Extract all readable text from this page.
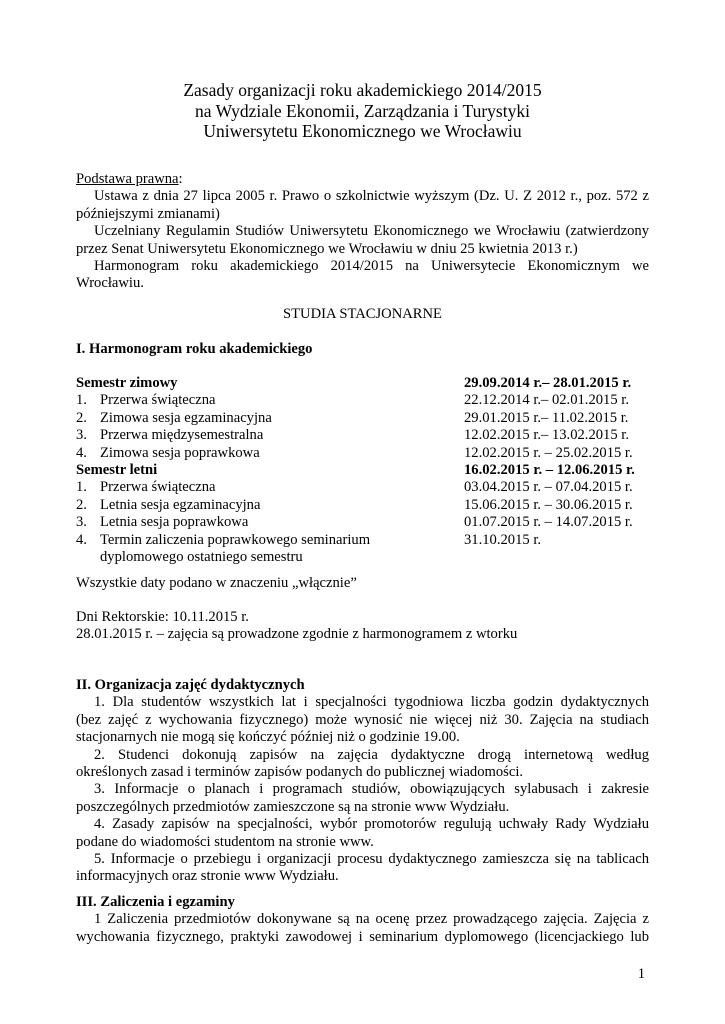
Zasady organizacji roku akademickiego 2014/2015
na Wydziale Ekonomii, Zarządzania i Turystyki
Uniwersytetu Ekonomicznego we Wrocławiu
Podstawa prawna:
Ustawa z dnia 27 lipca 2005 r. Prawo o szkolnictwie wyższym (Dz. U. Z 2012 r., poz. 572 z
późniejszymi zmianami)
Uczelniany Regulamin Studiów Uniwersytetu Ekonomicznego we Wrocławiu (zatwierdzony
przez Senat Uniwersytetu Ekonomicznego we Wrocławiu w dniu 25 kwietnia 2013 r.)
Harmonogram roku akademickiego 2014/2015 na Uniwersytecie Ekonomicznym we
Wrocławiu.
STUDIA STACJONARNE
I. Harmonogram roku akademickiego
Semestr zimowy	29.09.2014 r.– 28.01.2015 r.
1. Przerwa świąteczna	22.12.2014 r.– 02.01.2015 r.
2. Zimowa sesja egzaminacyjna	29.01.2015 r.– 11.02.2015 r.
3. Przerwa międzysemestralna	12.02.2015 r.– 13.02.2015 r.
4. Zimowa sesja poprawkowa	12.02.2015 r. – 25.02.2015 r.
Semestr letni	16.02.2015 r. – 12.06.2015 r.
1. Przerwa świąteczna	03.04.2015 r. – 07.04.2015 r.
2. Letnia sesja egzaminacyjna	15.06.2015 r. – 30.06.2015 r.
3. Letnia sesja poprawkowa	01.07.2015 r. – 14.07.2015 r.
4. Termin zaliczenia poprawkowego seminarium	31.10.2015 r.
dyplomowego ostatniego semestru
Wszystkie daty podano w znaczeniu „włącznie”
Dni Rektorskie: 10.11.2015 r.
28.01.2015 r. – zajęcia są prowadzone zgodnie z harmonogramem z wtorku
II. Organizacja zajęć dydaktycznych
1. Dla studentów wszystkich lat i specjalności tygodniowa liczba godzin dydaktycznych
(bez zajęć z wychowania fizycznego) może wynosić nie więcej niż 30. Zajęcia na studiach
stacjonarnych nie mogą się kończyć później niż o godzinie 19.00.
2. Studenci dokonują zapisów na zajęcia dydaktyczne drogą internetową według
określonych zasad i terminów zapisów podanych do publicznej wiadomości.
3. Informacje o planach i programach studiów, obowiązujących sylabusach i zakresie
poszczególnych przedmiotów zamieszczone są na stronie www Wydziału.
4. Zasady zapisów na specjalności, wybór promotorów regulują uchwały Rady Wydziału
podane do wiadomości studentom na stronie www.
5. Informacje o przebiegu i organizacji procesu dydaktycznego zamieszcza się na tablicach
informacyjnych oraz stronie www Wydziału.
III. Zaliczenia i egzaminy
1 Zaliczenia przedmiotów dokonywane są na ocenę przez prowadzącego zajęcia. Zajęcia z
wychowania fizycznego, praktyki zawodowej i seminarium dyplomowego (licencjackiego lub
1
